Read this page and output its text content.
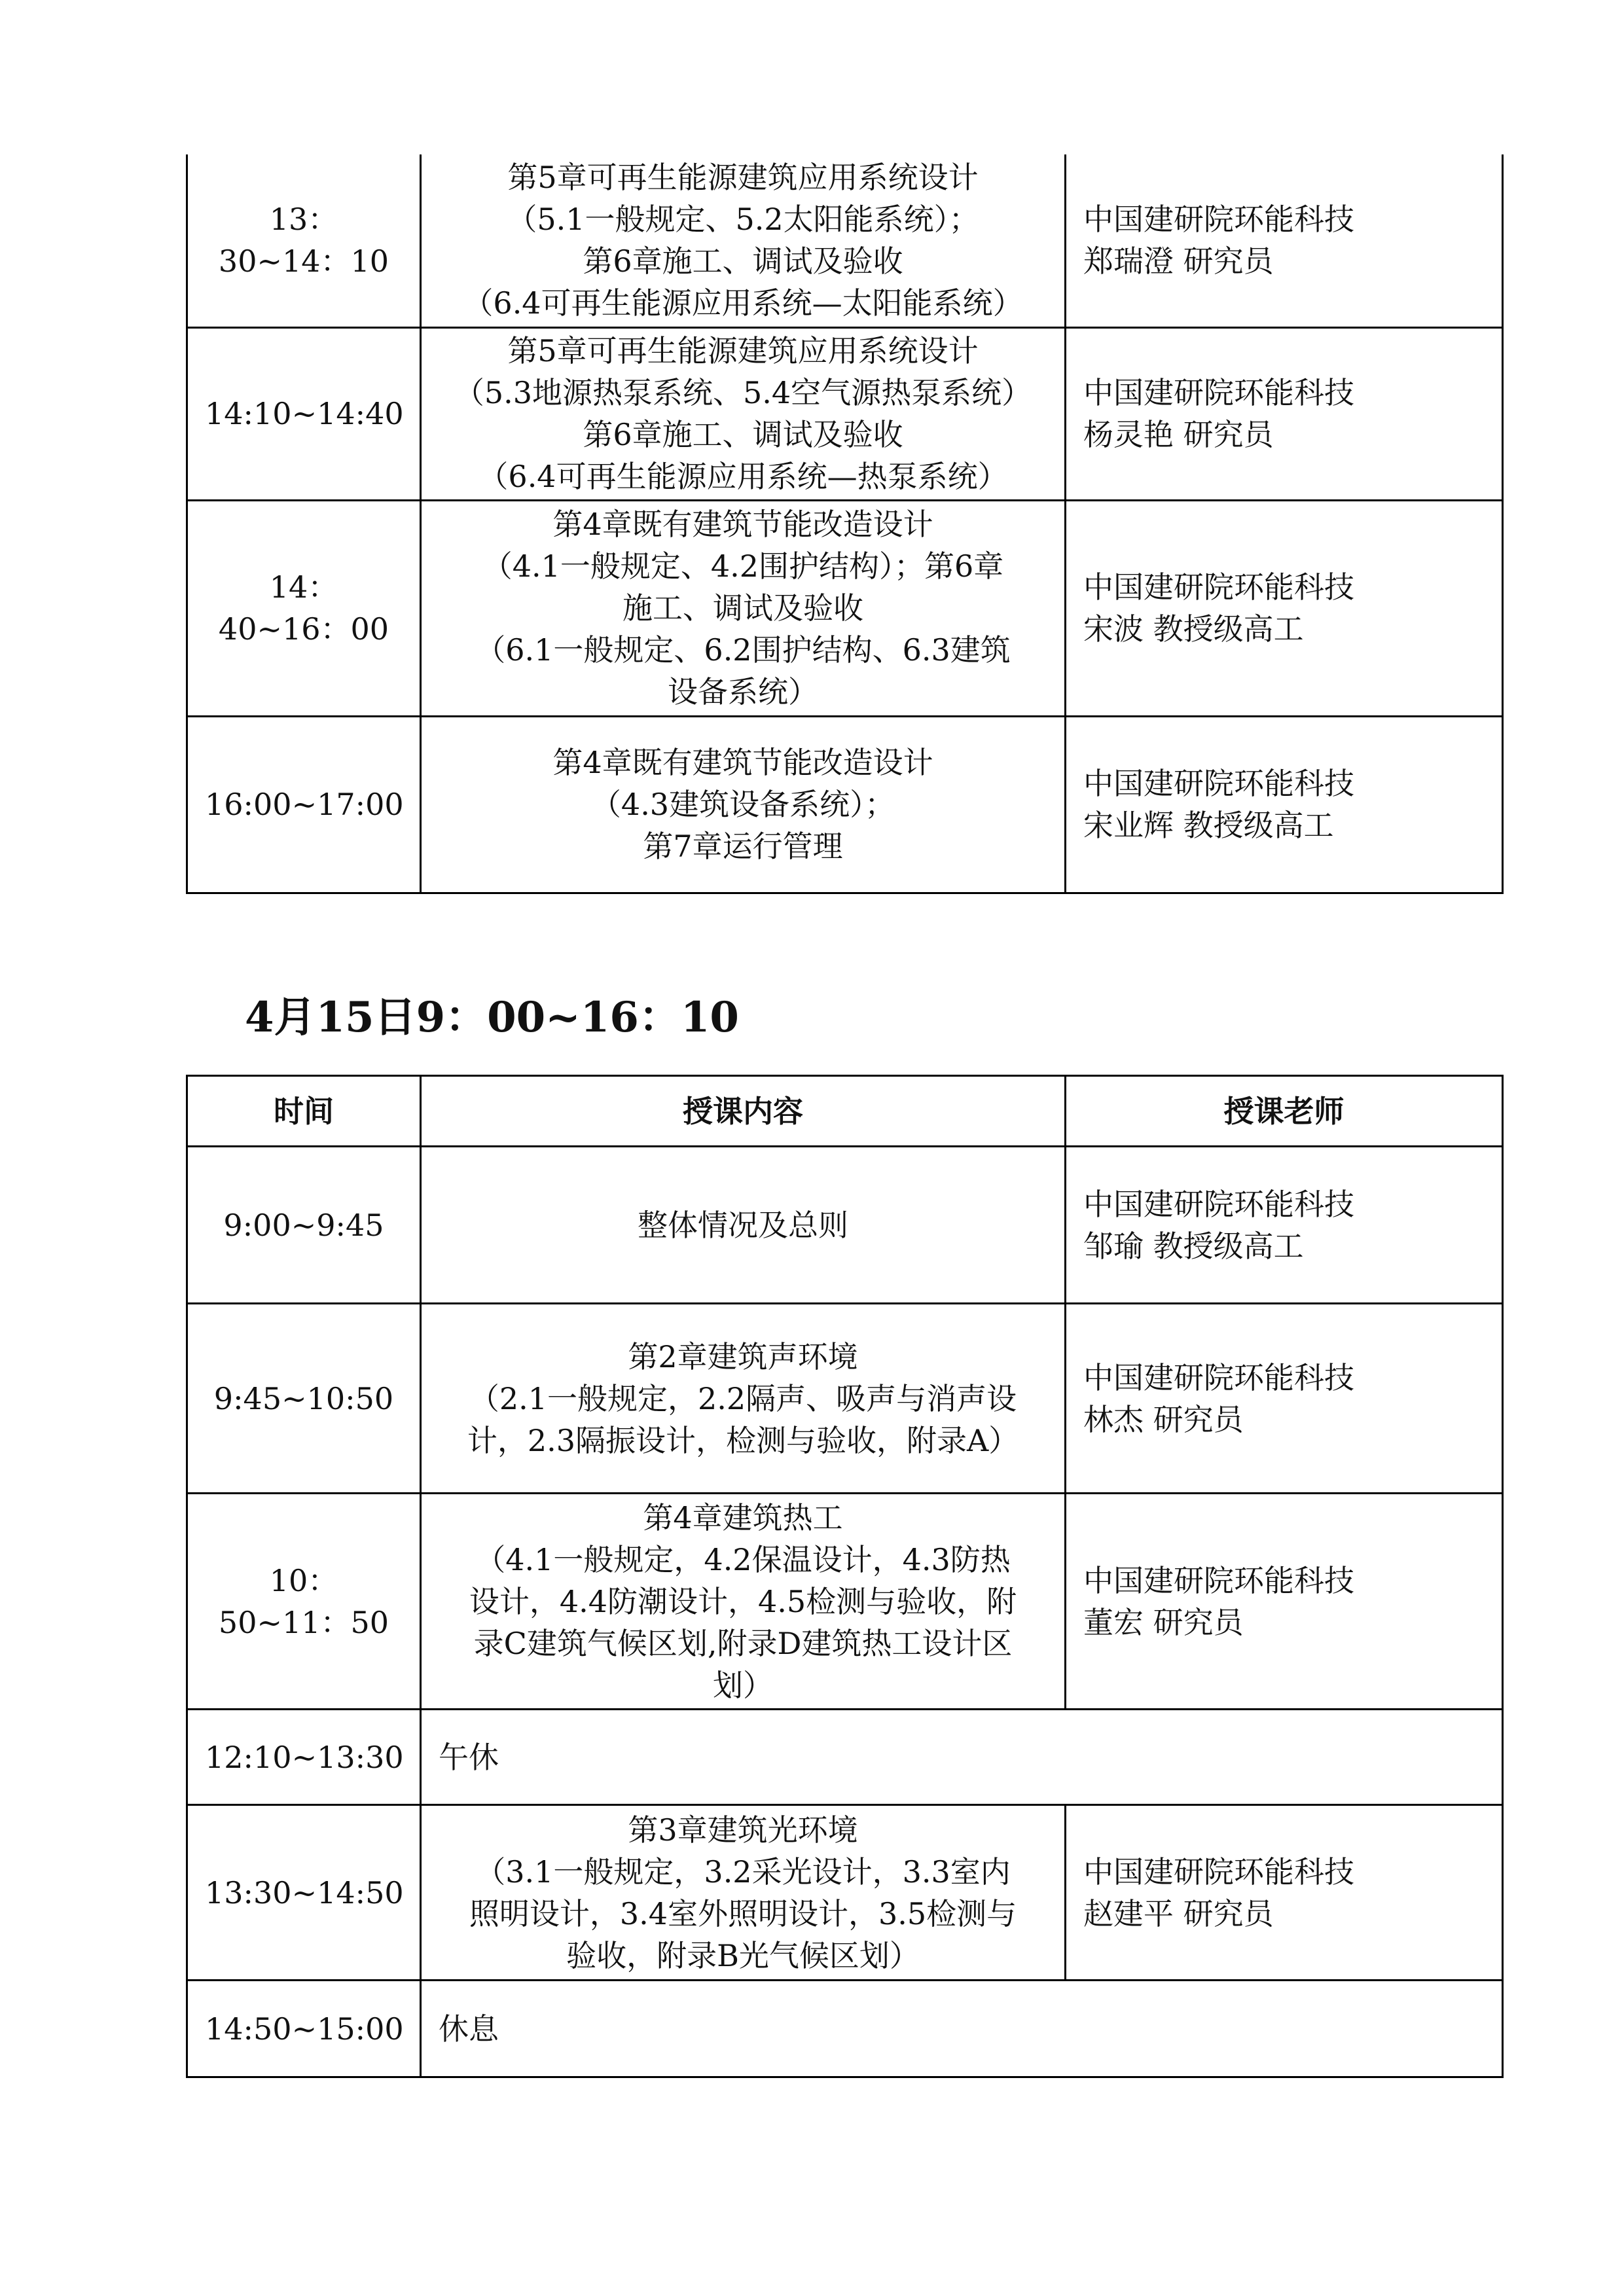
13：30~14：10	第5章可再生能源建筑应用系统设计
（5.1一般规定、5.2太阳能系统）；
第6章施工、调试及验收
（6.4可再生能源应用系统—太阳能系统）	中国建研院环能科技
郑瑞澄 研究员

14:10~14:40	第5章可再生能源建筑应用系统设计
（5.3地源热泵系统、5.4空气源热泵系统）
第6章施工、调试及验收
（6.4可再生能源应用系统—热泵系统）	中国建研院环能科技
杨灵艳 研究员

14：40~16：00	第4章既有建筑节能改造设计
（4.1一般规定、4.2围护结构）；第6章
施工、调试及验收
（6.1一般规定、6.2围护结构、6.3建筑
设备系统）	中国建研院环能科技
宋波 教授级高工

16:00~17:00	第4章既有建筑节能改造设计
（4.3建筑设备系统）；
第7章运行管理	中国建研院环能科技
宋业辉 教授级高工
4月15日9：00~16：10
时间	授课内容	授课老师
9:00~9:45	整体情况及总则	中国建研院环能科技
邹瑜 教授级高工

9:45~10:50	第2章建筑声环境
（2.1一般规定，2.2隔声、吸声与消声设
计，2.3隔振设计，检测与验收，附录A）	中国建研院环能科技
林杰 研究员

10：50~11：50	第4章建筑热工
（4.1一般规定，4.2保温设计，4.3防热
设计，4.4防潮设计，4.5检测与验收，附
录C建筑气候区划,附录D建筑热工设计区
划）	中国建研院环能科技
董宏 研究员

12:10~13:30	午休	
13:30~14:50	第3章建筑光环境
（3.1一般规定，3.2采光设计，3.3室内
照明设计，3.4室外照明设计，3.5检测与
验收，附录B光气候区划）	中国建研院环能科技
赵建平 研究员

14:50~15:00	休息	
